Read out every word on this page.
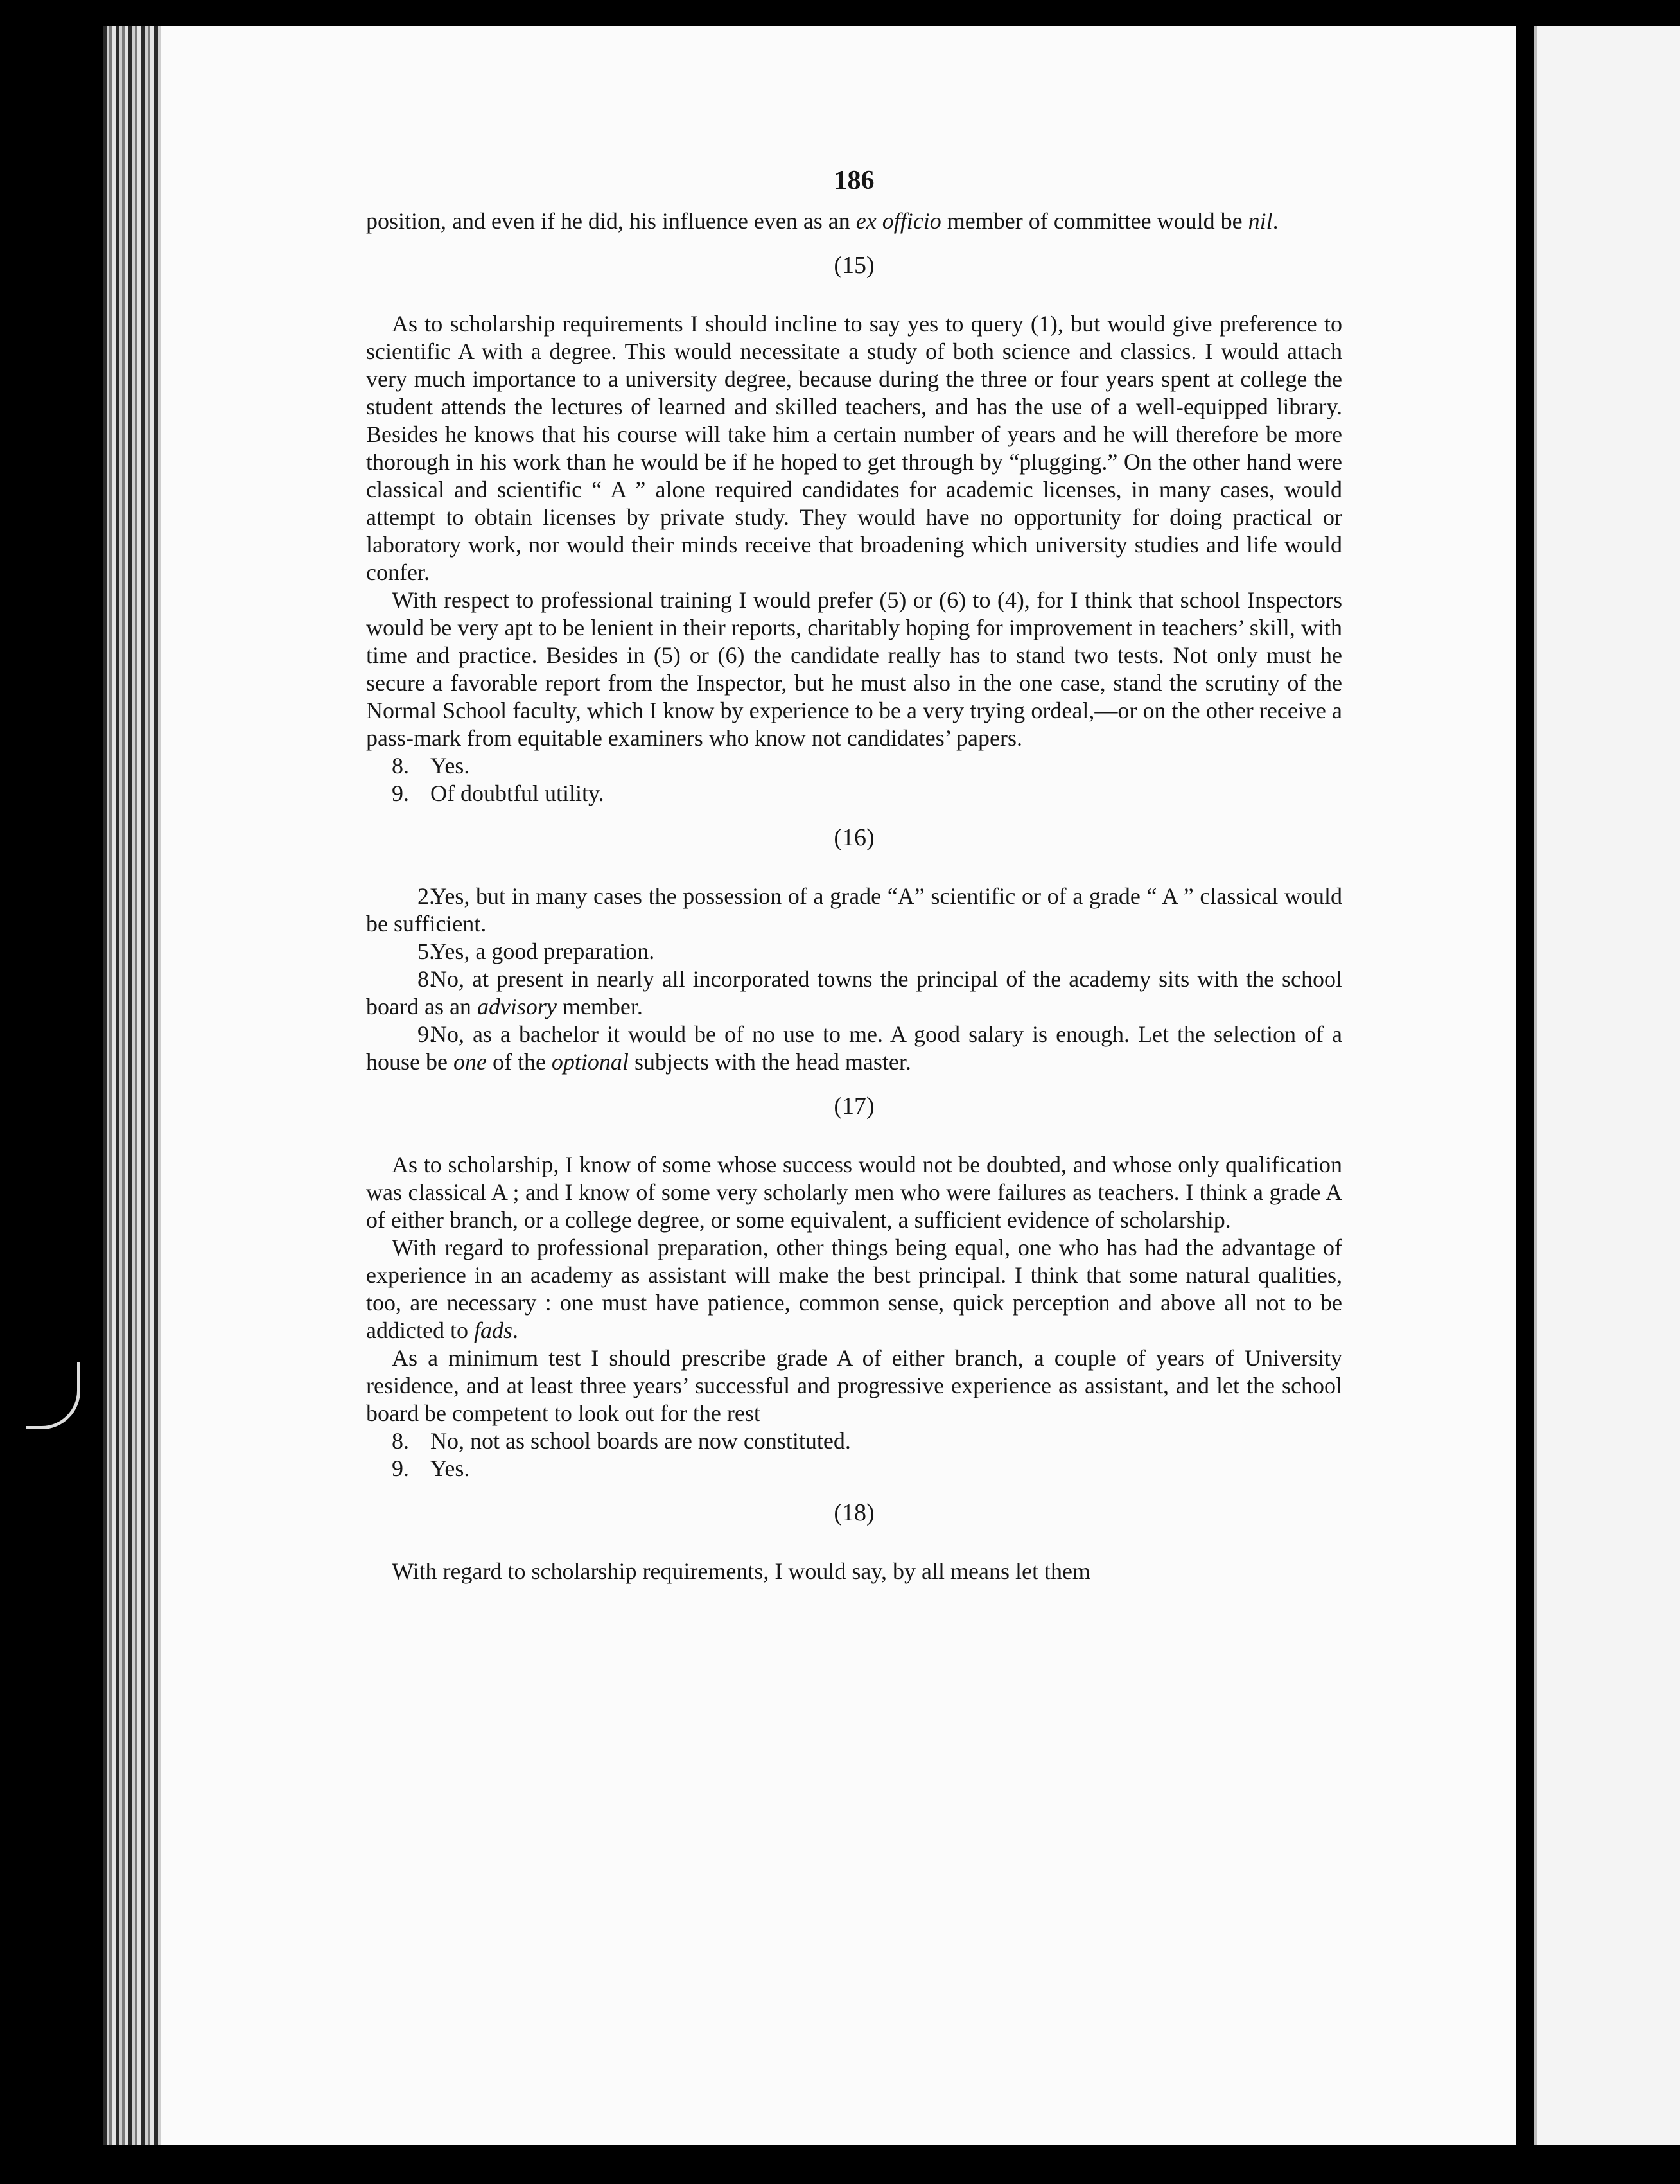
186

position, and even if he did, his influence even as an ex officio member of committee would be nil.

(15)

As to scholarship requirements I should incline to say yes to query (1), but would give preference to scientific A with a degree. This would necessitate a study of both science and classics. I would attach very much importance to a university degree, because during the three or four years spent at college the student attends the lectures of learned and skilled teachers, and has the use of a well-equipped library. Besides he knows that his course will take him a certain number of years and he will therefore be more thorough in his work than he would be if he hoped to get through by “plugging.” On the other hand were classical and scientific “ A ” alone required candidates for academic licenses, in many cases, would attempt to obtain licenses by private study. They would have no opportunity for doing practical or laboratory work, nor would their minds receive that broadening which university studies and life would confer.

With respect to professional training I would prefer (5) or (6) to (4), for I think that school Inspectors would be very apt to be lenient in their reports, charitably hoping for improvement in teachers’ skill, with time and practice. Besides in (5) or (6) the candidate really has to stand two tests. Not only must he secure a favorable report from the Inspector, but he must also in the one case, stand the scrutiny of the Normal School faculty, which I know by experience to be a very trying ordeal,—or on the other receive a pass-mark from equitable examiners who know not candidates’ papers.

8. Yes.

9. Of doubtful utility.

(16)

2.Yes, but in many cases the possession of a grade “A” scientific or of a grade “ A ” classical would be sufficient.

5.Yes, a good preparation.

8.No, at present in nearly all incorporated towns the principal of the academy sits with the school board as an advisory member.

9.No, as a bachelor it would be of no use to me. A good salary is enough. Let the selection of a house be one of the optional subjects with the head master.

(17)

As to scholarship, I know of some whose success would not be doubted, and whose only qualification was classical A ; and I know of some very scholarly men who were failures as teachers. I think a grade A of either branch, or a college degree, or some equivalent, a sufficient evidence of scholarship.

With regard to professional preparation, other things being equal, one who has had the advantage of experience in an academy as assistant will make the best principal. I think that some natural qualities, too, are necessary : one must have patience, common sense, quick perception and above all not to be addicted to fads.

As a minimum test I should prescribe grade A of either branch, a couple of years of University residence, and at least three years’ successful and progressive experience as assistant, and let the school board be competent to look out for the rest

8. No, not as school boards are now constituted.

9. Yes.

(18)

With regard to scholarship requirements, I would say, by all means let them
